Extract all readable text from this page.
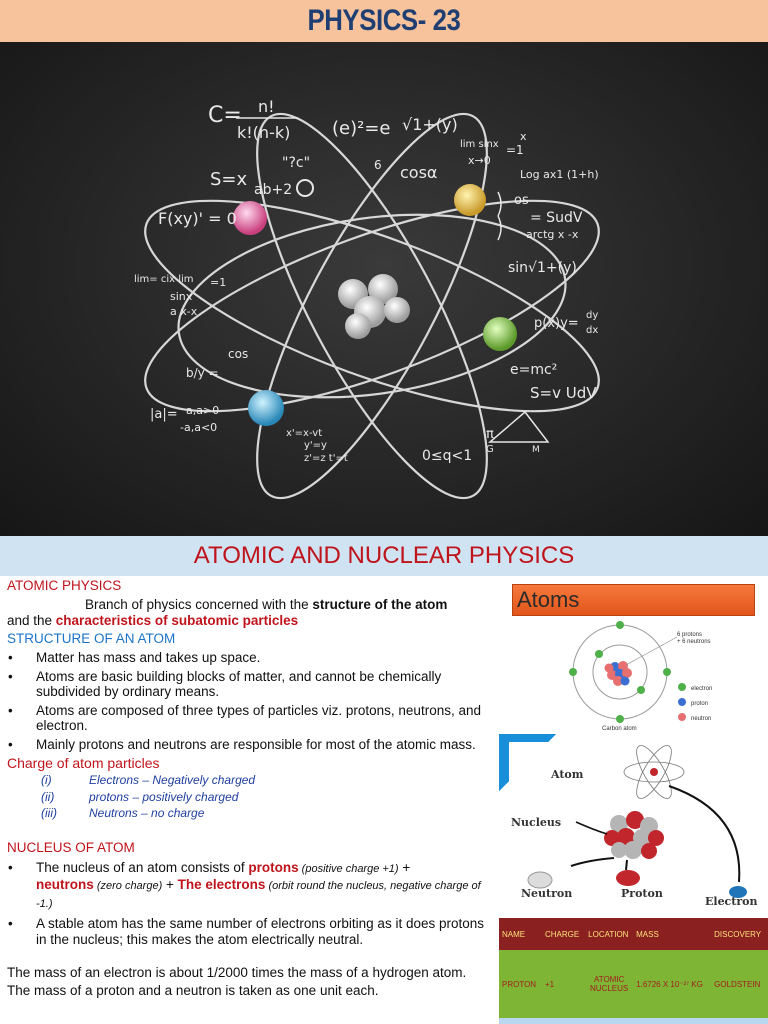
PHYSICS- 23
C= n!
k!(n-k) (e)²=e √1+(y)
lim sinx
x→0
=1
x
"?c"	6
S=x ab+2
cosα	Log ax1 (1+h)
os
= SudV
arctg x -x
F(xy)' = 0
sin√1+(y)
lim= cix lim =1
sinx
a x-x
p(x)y=
dy
dx
cos
b/y =	e=mc²
S=v UdV
|a|= a,a>0
-a,a<0	x'=x-vt
y'=y
z'=z t'=t	0≤q<1
π
G	M
ATOMIC AND NUCLEAR PHYSICS
ATOMIC PHYSICS
Branch of physics concerned with the structure of the atom
and the characteristics of subatomic particles
STRUCTURE OF AN ATOM
• Matter has mass and takes up space.
• Atoms are basic building blocks of matter, and cannot be chemically subdivided by ordinary means.
• Atoms are composed of three types of particles viz. protons, neutrons, and electron.
• Mainly protons and neutrons are responsible for most of the atomic mass.
Charge of atom particles
(i)	Electrons – Negatively charged
(ii)	protons – positively charged
(iii)	Neutrons – no charge
NUCLEUS OF ATOM
• The nucleus of an atom consists of protons (positive charge +1) +
neutrons (zero charge) + The electrons (orbit round the nucleus, negative charge of -1.)
• A stable atom has the same number of electrons orbiting as it does protons in the nucleus; this makes the atom electrically neutral.
The mass of an electron is about 1/2000 times the mass of a hydrogen atom.
The mass of a proton and a neutron is taken as one unit each.
Atoms
6 protons
+ 6 neutrons
electron
proton
neutron
Carbon atom
Atom
Nucleus
Neutron	Proton
Electron
NAME	CHARGE	LOCATION	MASS	DISCOVERY
PROTON	+1	ATOMIC NUCLEUS	1.6726 X 10⁻²⁷ KG	GOLDSTEIN
